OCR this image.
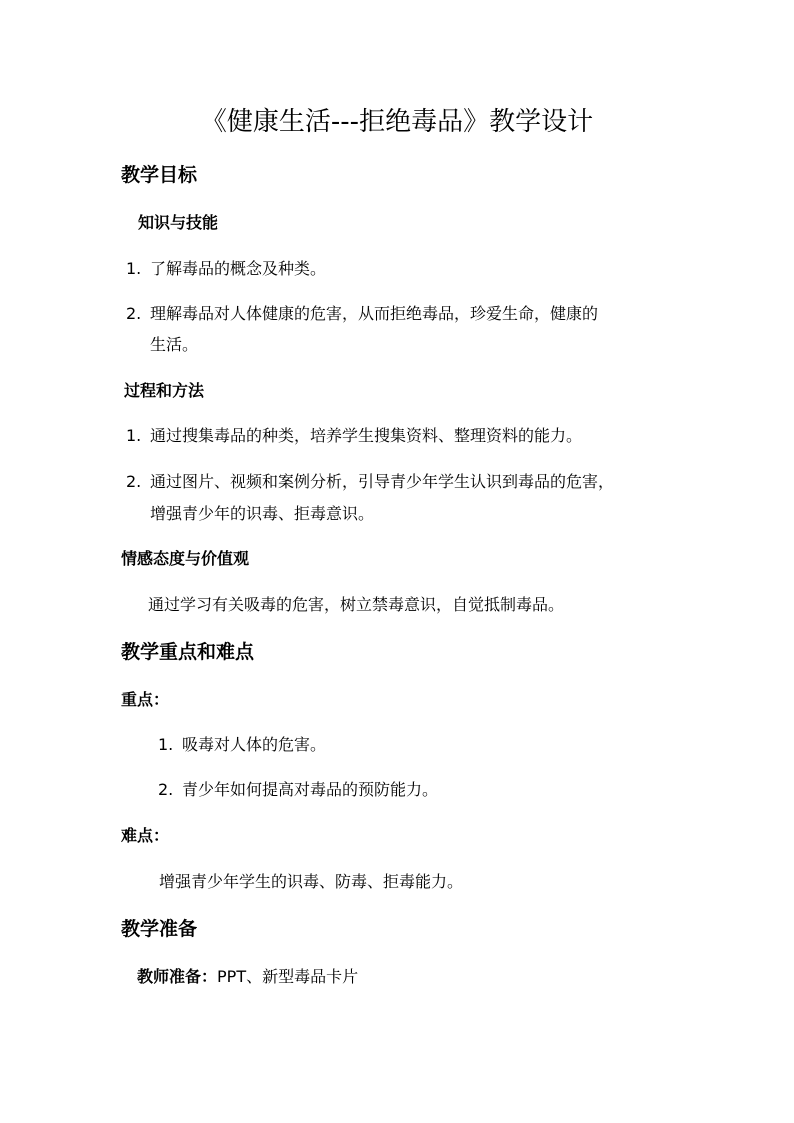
《健康生活---拒绝毒品》教学设计
教学目标
知识与技能

1. 了解毒品的概念及种类。

2. 理解毒品对人体健康的危害，从而拒绝毒品，珍爱生命，健康的

生活。

过程和方法

1. 通过搜集毒品的种类，培养学生搜集资料、整理资料的能力。

2. 通过图片、视频和案例分析，引导青少年学生认识到毒品的危害，

增强青少年的识毒、拒毒意识。

情感态度与价值观

通过学习有关吸毒的危害，树立禁毒意识，自觉抵制毒品。

教学重点和难点
重点：

1. 吸毒对人体的危害。

2. 青少年如何提高对毒品的预防能力。

难点：

增强青少年学生的识毒、防毒、拒毒能力。

教学准备

教师准备：PPT、新型毒品卡片
